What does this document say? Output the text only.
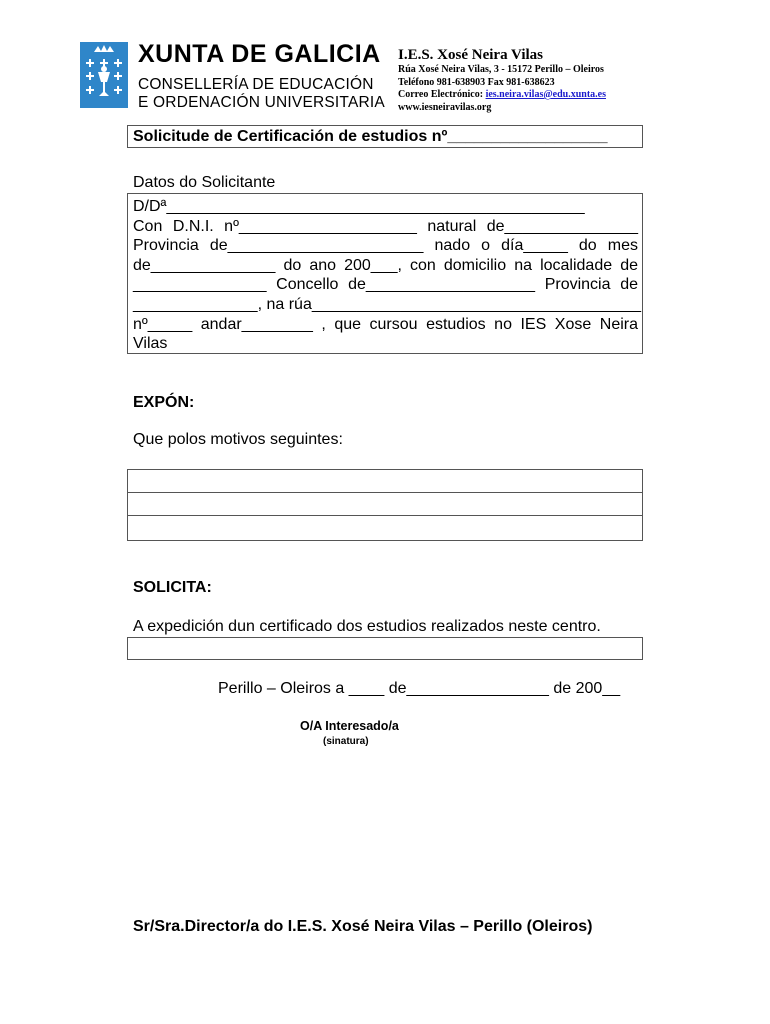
XUNTA DE GALICIA
CONSELLERÍA DE EDUCACIÓN
E ORDENACIÓN UNIVERSITARIA
I.E.S. Xosé Neira Vilas
Rúa Xosé Neira Vilas, 3 - 15172 Perillo – Oleiros
Teléfono 981-638903 Fax 981-638623
Correo Electrónico: ies.neira.vilas@edu.xunta.es
www.iesneiravilas.org
Solicitude de Certificación de estudios nº__________________
Datos do Solicitante
D/Dª_______________________________________________
Con D.N.I. nº____________________ natural de_______________
Provincia de______________________ nado o día_____ do mes
de______________ do ano 200___, con domicilio na localidade de
_______________ Concello de___________________ Provincia de
______________, na rúa_____________________________________
nº_____ andar________ , que cursou estudios no IES Xose Neira
Vilas
EXPÓN:
Que polos motivos seguintes:
SOLICITA:
A expedición dun certificado dos estudios realizados neste centro.
Perillo – Oleiros a ____ de________________ de 200__
O/A Interesado/a
(sinatura)
Sr/Sra.Director/a do I.E.S. Xosé Neira Vilas – Perillo (Oleiros)
